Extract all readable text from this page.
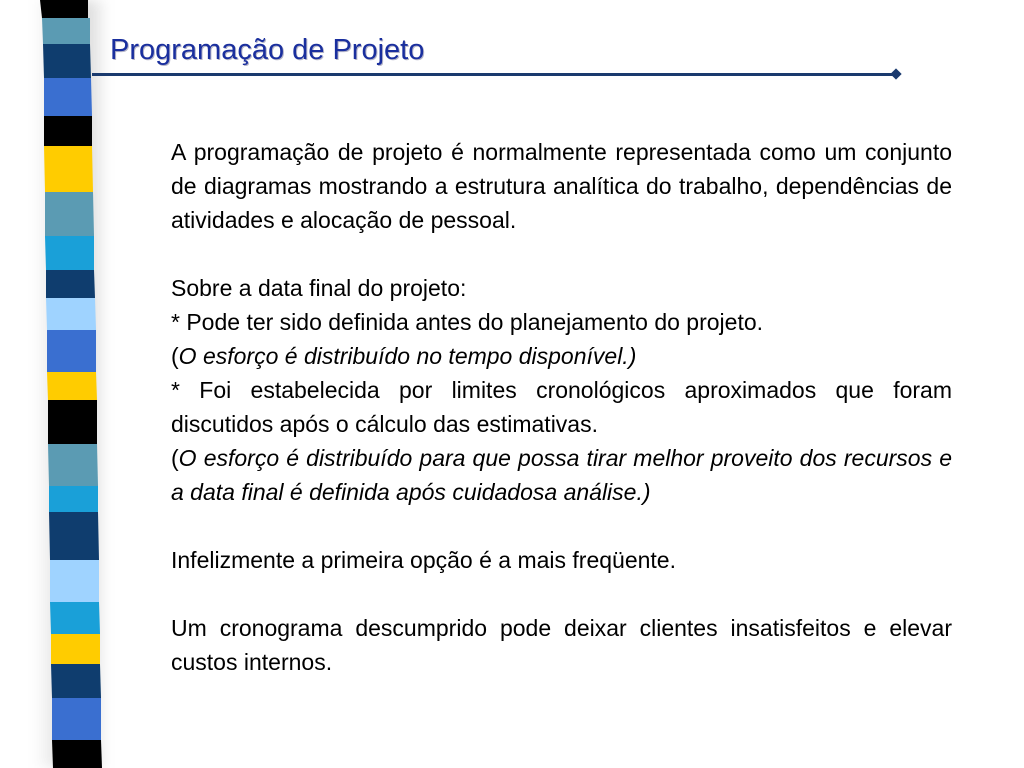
Programação de Projeto

A programação de projeto é normalmente representada como um conjunto de diagramas mostrando a estrutura analítica do trabalho, dependências de atividades e alocação de pessoal.

Sobre a data final do projeto:

* Pode ter sido definida antes do planejamento do projeto.

(O esforço é distribuído no tempo disponível.)

* Foi estabelecida por limites cronológicos aproximados que foram discutidos após o cálculo das estimativas.

(O esforço é distribuído para que possa tirar melhor proveito dos recursos e a data final é definida após cuidadosa análise.)

Infelizmente a primeira opção é a mais freqüente.

Um cronograma descumprido pode deixar clientes insatisfeitos e elevar custos internos.
